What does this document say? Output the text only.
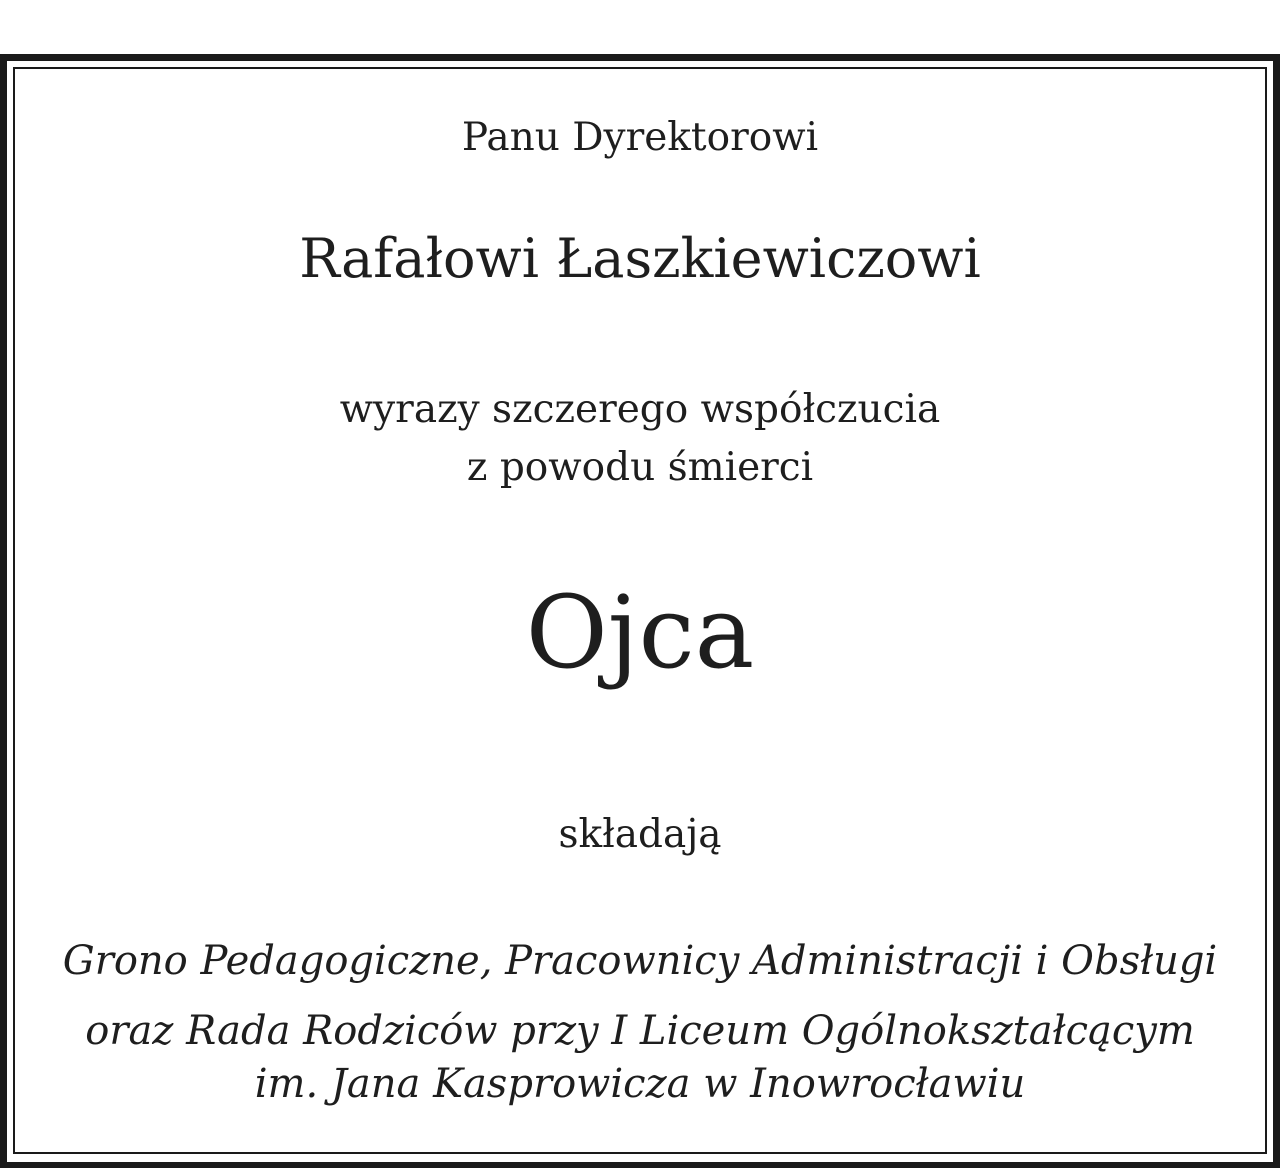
Panu Dyrektorowi
Rafałowi Łaszkiewiczowi
wyrazy szczerego współczucia
z powodu śmierci
Ojca
składają
Grono Pedagogiczne, Pracownicy Administracji i Obsługi
oraz Rada Rodziców przy I Liceum Ogólnokształcącym
im. Jana Kasprowicza w Inowrocławiu
